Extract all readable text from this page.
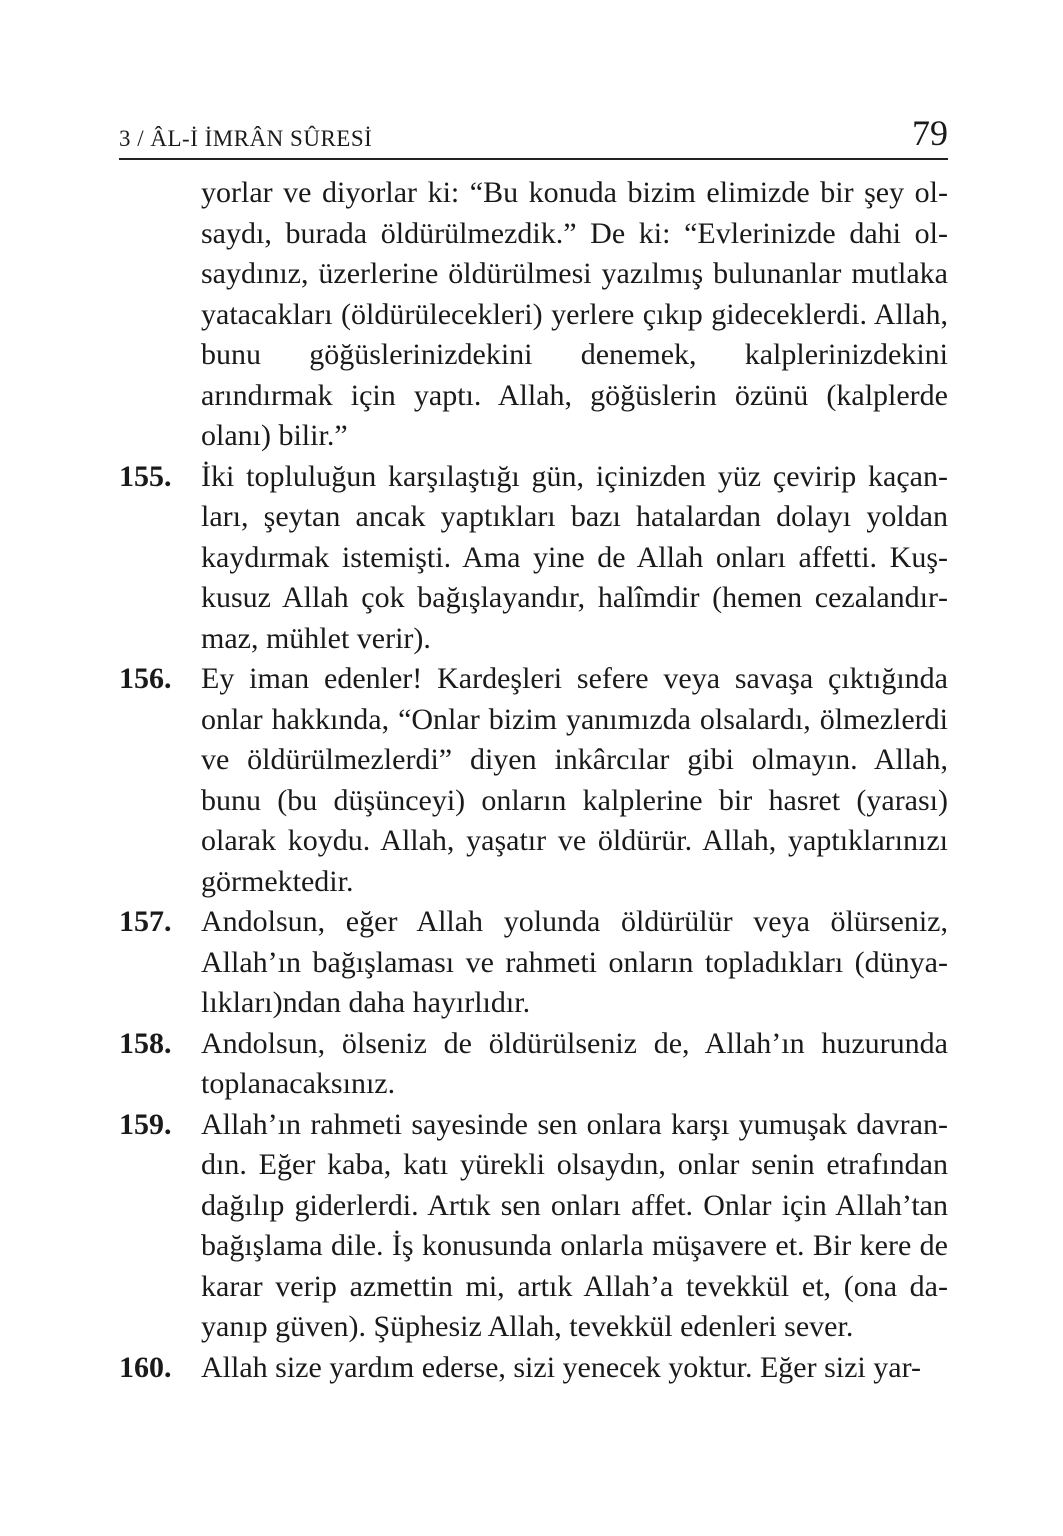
3 / ÂL-İ İMRÂN SÛRESİ	79
yorlar ve diyorlar ki: “Bu konuda bizim elimizde bir şey olsaydı, burada öldürülmezdik.” De ki: “Evlerinizde dahi olsaydınız, üzerlerine öldürülmesi yazılmış bulunanlar mutlaka yatacakları (öldürülecekleri) yerlere çıkıp gideceklerdi. Allah, bunu göğüslerinizdekini denemek, kalplerinizdekini arındırmak için yaptı. Allah, göğüslerin özünü (kalplerde olanı) bilir.”
155. İki topluluğun karşılaştığı gün, içinizden yüz çevirip kaçanları, şeytan ancak yaptıkları bazı hatalardan dolayı yoldan kaydırmak istemişti. Ama yine de Allah onları affetti. Kuşkusuz Allah çok bağışlayandır, halîmdir (hemen cezalandırmaz, mühlet verir).
156. Ey iman edenler! Kardeşleri sefere veya savaşa çıktığında onlar hakkında, “Onlar bizim yanımızda olsalardı, ölmezlerdi ve öldürülmezlerdi” diyen inkârcılar gibi olmayın. Allah, bunu (bu düşünceyi) onların kalplerine bir hasret (yarası) olarak koydu. Allah, yaşatır ve öldürür. Allah, yaptıklarınızı görmektedir.
157. Andolsun, eğer Allah yolunda öldürülür veya ölürseniz, Allah’ın bağışlaması ve rahmeti onların topladıkları (dünyalıkları)ndan daha hayırlıdır.
158. Andolsun, ölseniz de öldürülseniz de, Allah’ın huzurunda toplanacaksınız.
159. Allah’ın rahmeti sayesinde sen onlara karşı yumuşak davrandın. Eğer kaba, katı yürekli olsaydın, onlar senin etrafından dağılıp giderlerdi. Artık sen onları affet. Onlar için Allah’tan bağışlama dile. İş konusunda onlarla müşavere et. Bir kere de karar verip azmettin mi, artık Allah’a tevekkül et, (ona dayanıp güven). Şüphesiz Allah, tevekkül edenleri sever.
160. Allah size yardım ederse, sizi yenecek yoktur. Eğer sizi yar-
